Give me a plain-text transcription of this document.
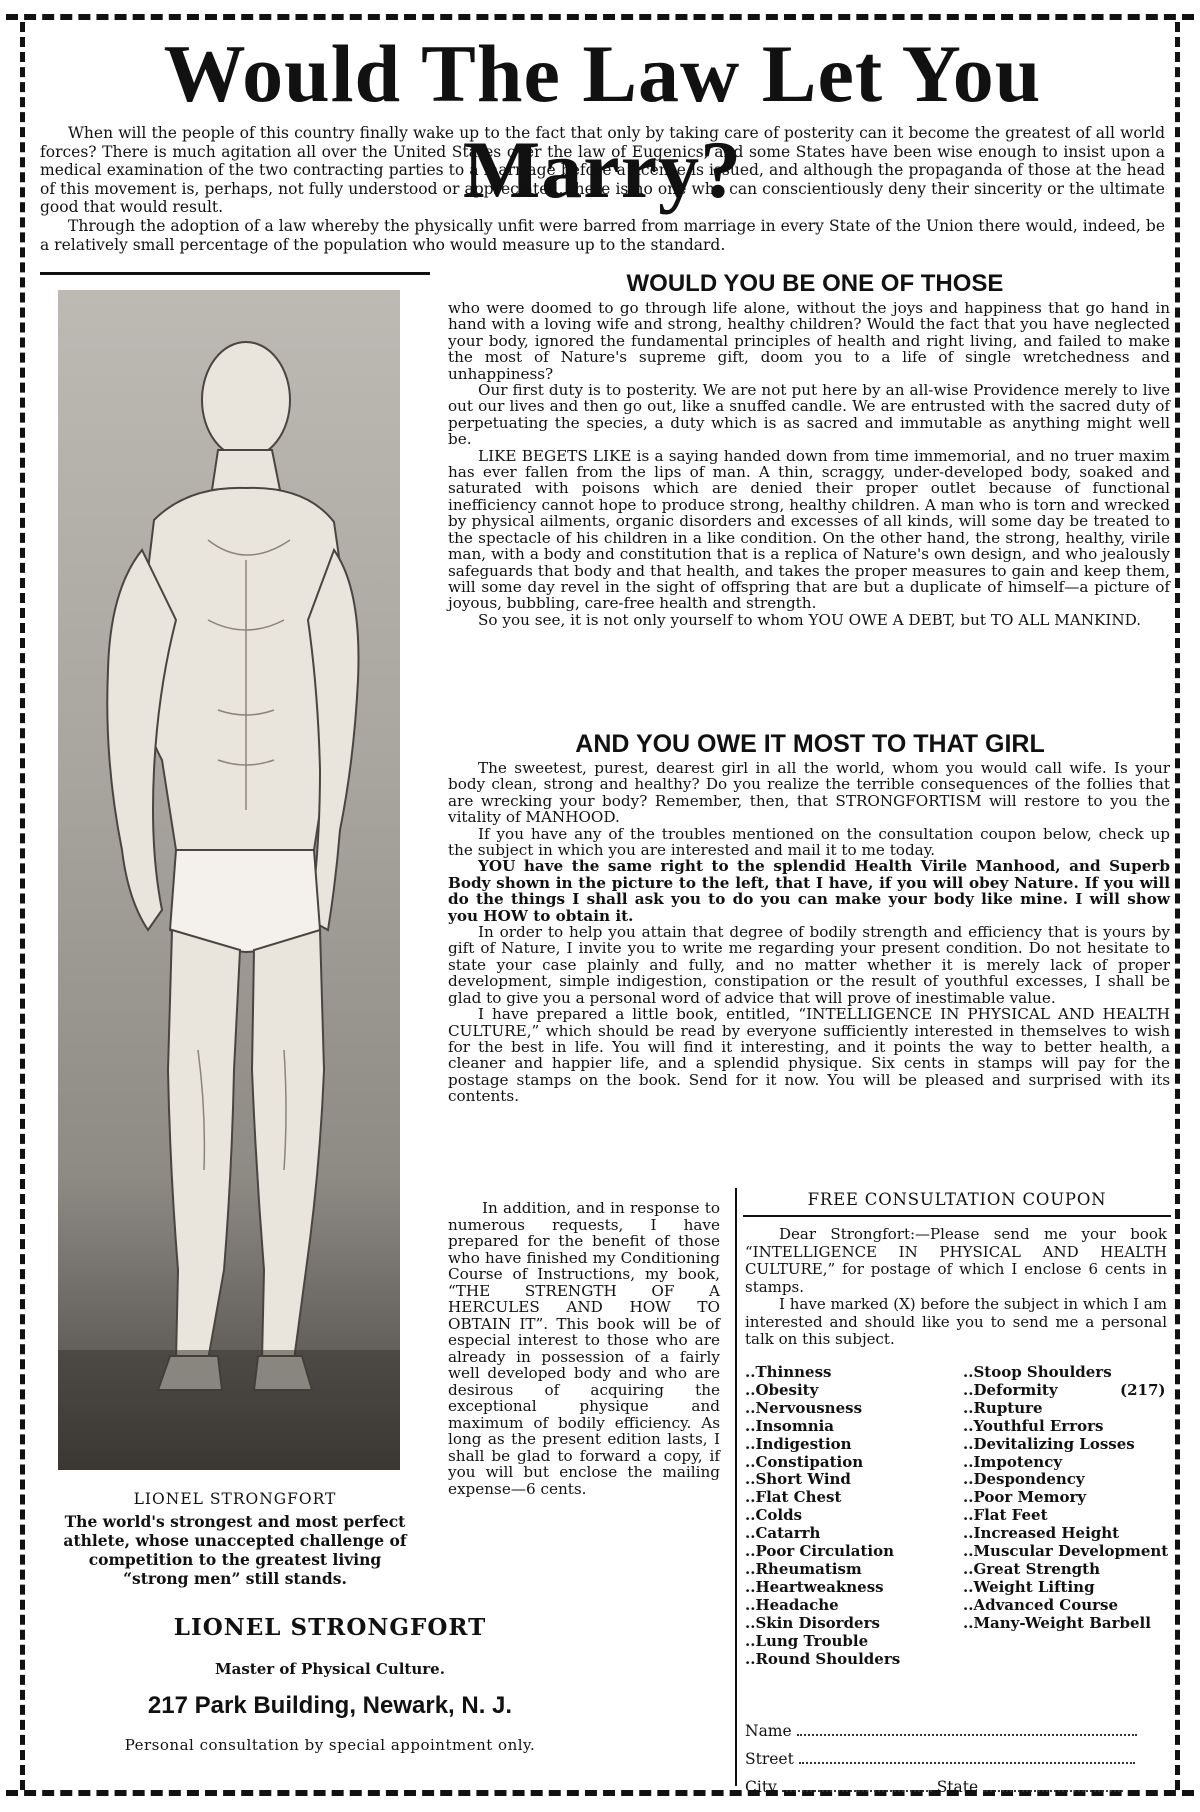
Would The Law Let You Marry?

When will the people of this country finally wake up to the fact that only by taking care of posterity can it become the greatest of all world forces? There is much agitation all over the United States over the law of Eugenics, and some States have been wise enough to insist upon a medical examination of the two contracting parties to a marriage before a license is issued, and although the propaganda of those at the head of this movement is, perhaps, not fully understood or appreciated, there is no one who can conscientiously deny their sincerity or the ultimate good that would result.

Through the adoption of a law whereby the physically unfit were barred from marriage in every State of the Union there would, indeed, be a relatively small percentage of the population who would measure up to the standard.

LIONEL STRONGFORT
The world's strongest and most perfect athlete, whose unaccepted challenge of competition to the greatest living “strong men” still stands.
WOULD YOU BE ONE OF THOSE

who were doomed to go through life alone, without the joys and happiness that go hand in hand with a loving wife and strong, healthy children? Would the fact that you have neglected your body, ignored the fundamental principles of health and right living, and failed to make the most of Nature's supreme gift, doom you to a life of single wretchedness and unhappiness?

Our first duty is to posterity. We are not put here by an all-wise Providence merely to live out our lives and then go out, like a snuffed candle. We are entrusted with the sacred duty of perpetuating the species, a duty which is as sacred and immutable as anything might well be.

LIKE BEGETS LIKE is a saying handed down from time immemorial, and no truer maxim has ever fallen from the lips of man. A thin, scraggy, under-developed body, soaked and saturated with poisons which are denied their proper outlet because of functional inefficiency cannot hope to produce strong, healthy children. A man who is torn and wrecked by physical ailments, organic disorders and excesses of all kinds, will some day be treated to the spectacle of his children in a like condition. On the other hand, the strong, healthy, virile man, with a body and constitution that is a replica of Nature's own design, and who jealously safeguards that body and that health, and takes the proper measures to gain and keep them, will some day revel in the sight of offspring that are but a duplicate of himself—a picture of joyous, bubbling, care-free health and strength.

So you see, it is not only yourself to whom YOU OWE A DEBT, but TO ALL MANKIND.

AND YOU OWE IT MOST TO THAT GIRL

The sweetest, purest, dearest girl in all the world, whom you would call wife. Is your body clean, strong and healthy? Do you realize the terrible consequences of the follies that are wrecking your body? Remember, then, that STRONGFORTISM will restore to you the vitality of MANHOOD.

If you have any of the troubles mentioned on the consultation coupon below, check up the subject in which you are interested and mail it to me today.

YOU have the same right to the splendid Health Virile Manhood, and Superb Body shown in the picture to the left, that I have, if you will obey Nature. If you will do the things I shall ask you to do you can make your body like mine. I will show you HOW to obtain it.

In order to help you attain that degree of bodily strength and efficiency that is yours by gift of Nature, I invite you to write me regarding your present condition. Do not hesitate to state your case plainly and fully, and no matter whether it is merely lack of proper development, simple indigestion, constipation or the result of youthful excesses, I shall be glad to give you a personal word of advice that will prove of inestimable value.

I have prepared a little book, entitled, “INTELLIGENCE IN PHYSICAL AND HEALTH CULTURE,” which should be read by everyone sufficiently interested in themselves to wish for the best in life. You will find it interesting, and it points the way to better health, a cleaner and happier life, and a splendid physique. Six cents in stamps will pay for the postage stamps on the book. Send for it now. You will be pleased and surprised with its contents.

In addition, and in response to numerous requests, I have prepared for the benefit of those who have finished my Conditioning Course of Instructions, my book, “THE STRENGTH OF A HERCULES AND HOW TO OBTAIN IT”. This book will be of especial interest to those who are already in possession of a fairly well developed body and who are desirous of acquiring the exceptional physique and maximum of bodily efficiency. As long as the present edition lasts, I shall be glad to forward a copy, if you will but enclose the mailing expense—6 cents.

FREE CONSULTATION COUPON

Dear Strongfort:—Please send me your book “INTELLIGENCE IN PHYSICAL AND HEALTH CULTURE,” for postage of which I enclose 6 cents in stamps.

I have marked (X) before the subject in which I am interested and should like you to send me a personal talk on this subject.

..Thinness
..Obesity
..Nervousness
..Insomnia
..Indigestion
..Constipation
..Short Wind
..Flat Chest
..Colds
..Catarrh
..Poor Circulation
..Rheumatism
..Heartweakness
..Headache
..Skin Disorders
..Lung Trouble
..Round Shoulders
..Stoop Shoulders
..Deformity
..Rupture
..Youthful Errors
..Devitalizing Losses
..Impotency
..Despondency
..Poor Memory
..Flat Feet
..Increased Height
..Muscular Development
..Great Strength
..Weight Lifting
..Advanced Course
..Many-Weight Barbell
(217)
Name
Street
City	State
LIONEL STRONGFORT
Master of Physical Culture.
217 Park Building, Newark, N. J.
Personal consultation by special appointment only.
